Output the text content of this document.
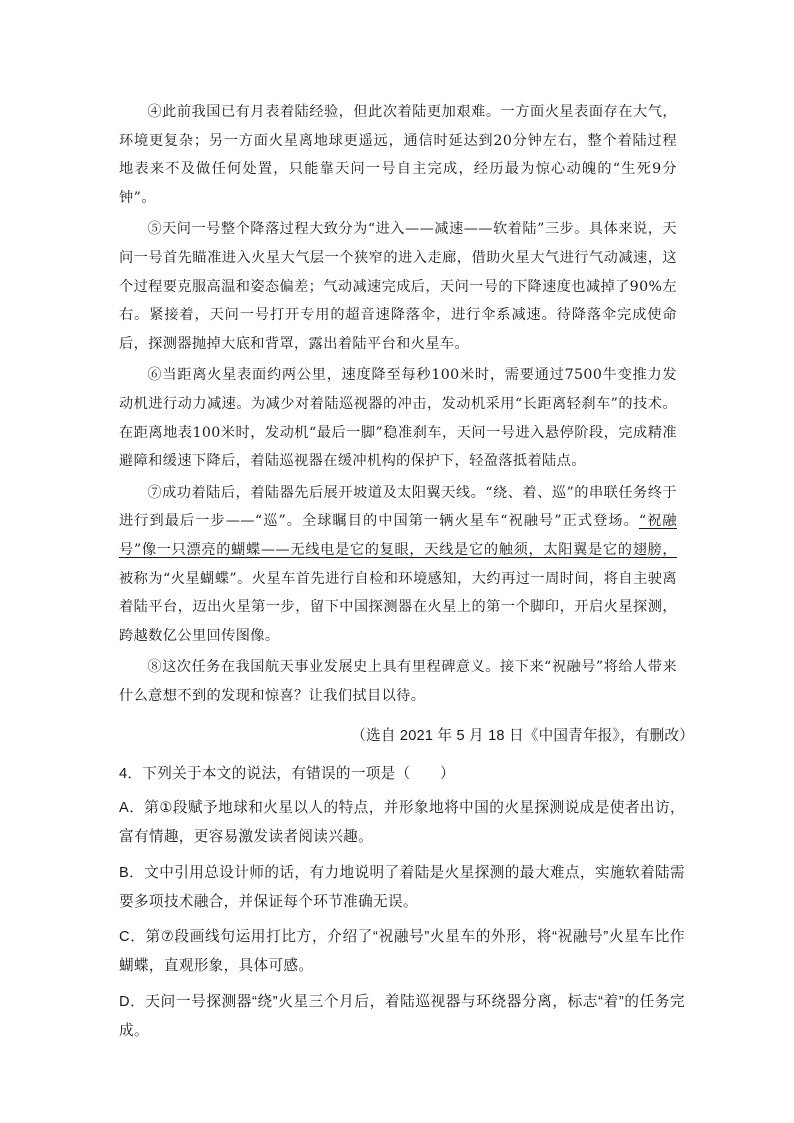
④此前我国已有月表着陆经验，但此次着陆更加艰难。一方面火星表面存在大气，环境更复杂；另一方面火星离地球更遥远，通信时延达到20分钟左右，整个着陆过程地表来不及做任何处置，只能靠天问一号自主完成，经历最为惊心动魄的“生死9分钟”。

⑤天问一号整个降落过程大致分为“进入——减速——软着陆”三步。具体来说，天问一号首先瞄准进入火星大气层一个狭窄的进入走廊，借助火星大气进行气动减速，这个过程要克服高温和姿态偏差；气动减速完成后，天问一号的下降速度也减掉了90%左右。紧接着，天问一号打开专用的超音速降落伞，进行伞系减速。待降落伞完成使命后，探测器抛掉大底和背罩，露出着陆平台和火星车。

⑥当距离火星表面约两公里，速度降至每秒100米时，需要通过7500牛变推力发动机进行动力减速。为减少对着陆巡视器的冲击，发动机采用“长距离轻刹车”的技术。在距离地表100米时，发动机“最后一脚”稳准刹车，天问一号进入悬停阶段，完成精准避障和缓速下降后，着陆巡视器在缓冲机构的保护下，轻盈落抵着陆点。

⑦成功着陆后，着陆器先后展开坡道及太阳翼天线。“绕、着、巡”的串联任务终于进行到最后一步——“巡”。全球瞩目的中国第一辆火星车“祝融号”正式登场。“祝融号”像一只漂亮的蝴蝶——无线电是它的复眼，天线是它的触须，太阳翼是它的翅膀，被称为“火星蝴蝶”。火星车首先进行自检和环境感知，大约再过一周时间，将自主驶离着陆平台，迈出火星第一步，留下中国探测器在火星上的第一个脚印，开启火星探测，跨越数亿公里回传图像。

⑧这次任务在我国航天事业发展史上具有里程碑意义。接下来“祝融号”将给人带来什么意想不到的发现和惊喜？让我们拭目以待。

（选自 2021 年 5 月 18 日《中国青年报》，有删改）

4．下列关于本文的说法，有错误的一项是（　　）

A．第①段赋予地球和火星以人的特点，并形象地将中国的火星探测说成是使者出访，富有情趣，更容易激发读者阅读兴趣。

B．文中引用总设计师的话，有力地说明了着陆是火星探测的最大难点，实施软着陆需要多项技术融合，并保证每个环节准确无误。

C．第⑦段画线句运用打比方，介绍了“祝融号”火星车的外形，将“祝融号”火星车比作蝴蝶，直观形象，具体可感。

D．天问一号探测器“绕”火星三个月后，着陆巡视器与环绕器分离，标志“着”的任务完成。
